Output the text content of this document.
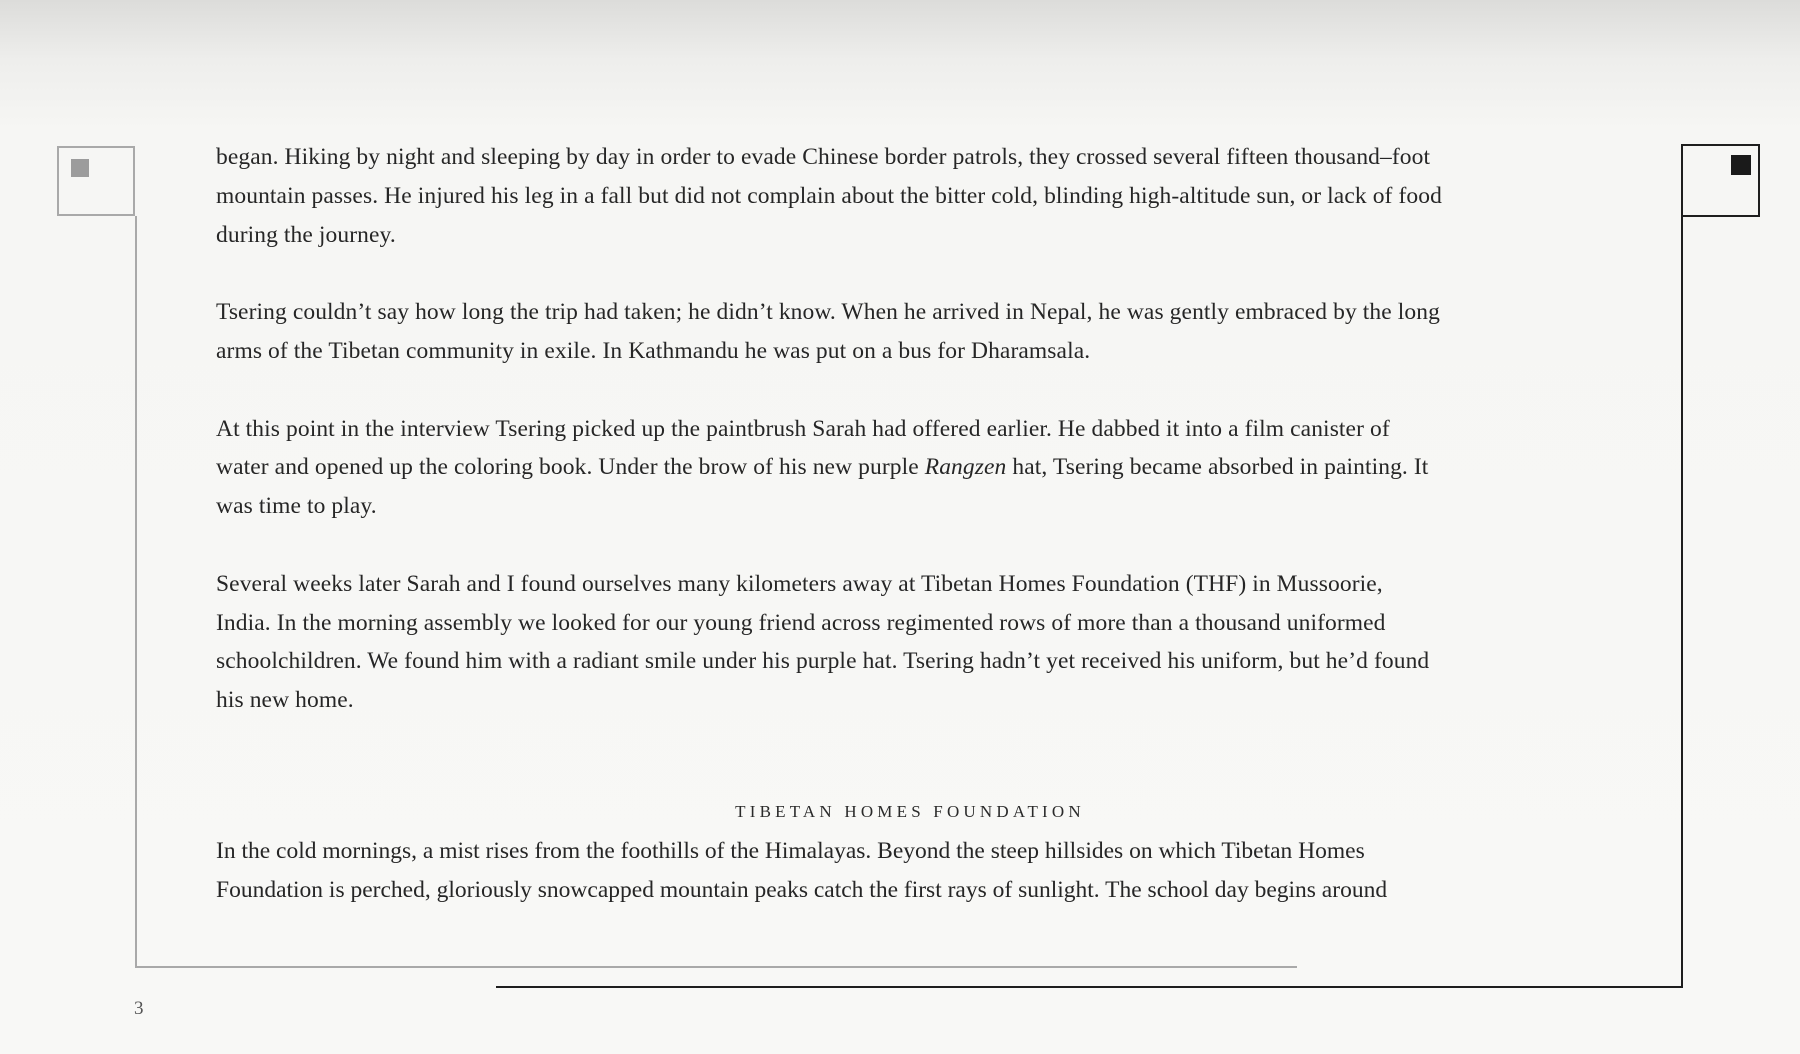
began. Hiking by night and sleeping by day in order to evade Chinese border patrols, they crossed several fifteen thousand–foot
mountain passes. He injured his leg in a fall but did not complain about the bitter cold, blinding high-altitude sun, or lack of food
during the journey.

Tsering couldn’t say how long the trip had taken; he didn’t know. When he arrived in Nepal, he was gently embraced by the long
arms of the Tibetan community in exile. In Kathmandu he was put on a bus for Dharamsala.

At this point in the interview Tsering picked up the paintbrush Sarah had offered earlier. He dabbed it into a film canister of
water and opened up the coloring book. Under the brow of his new purple Rangzen hat, Tsering became absorbed in painting. It
was time to play.

Several weeks later Sarah and I found ourselves many kilometers away at Tibetan Homes Foundation (THF) in Mussoorie,
India. In the morning assembly we looked for our young friend across regimented rows of more than a thousand uniformed
schoolchildren. We found him with a radiant smile under his purple hat. Tsering hadn’t yet received his uniform, but he’d found
his new home.

TIBETAN HOMES FOUNDATION
In the cold mornings, a mist rises from the foothills of the Himalayas. Beyond the steep hillsides on which Tibetan Homes
Foundation is perched, gloriously snowcapped mountain peaks catch the first rays of sunlight. The school day begins around
3
